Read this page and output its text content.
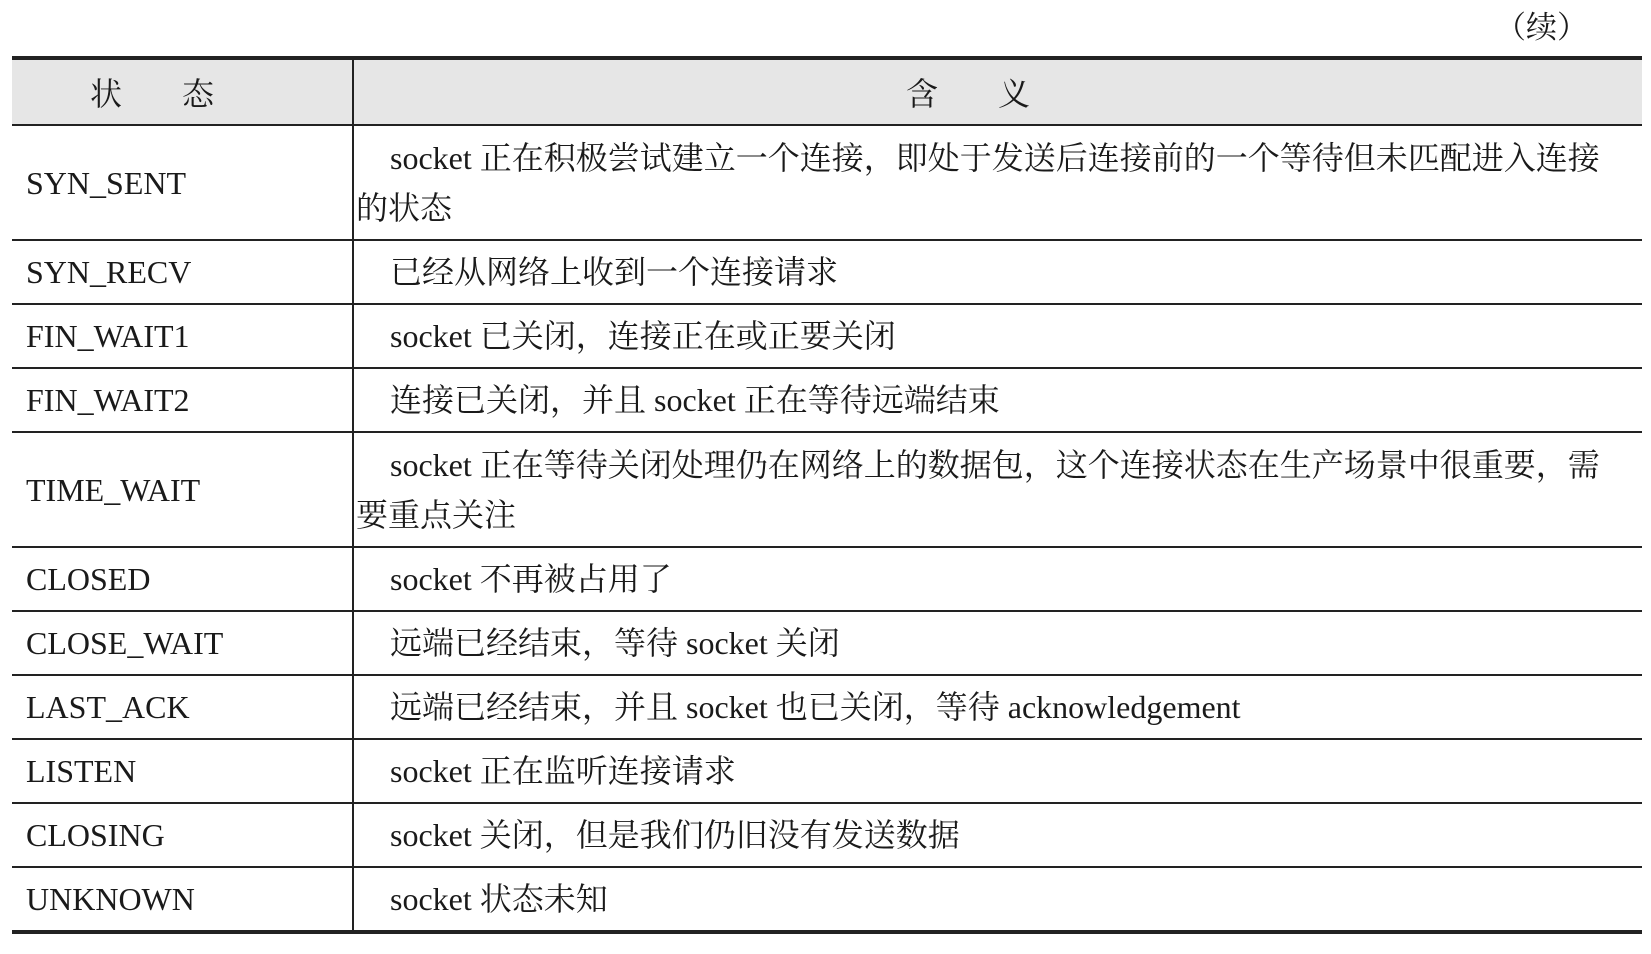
（续）
状态	含义
SYN_SENT	socket 正在积极尝试建立一个连接，即处于发送后连接前的一个等待但未匹配进入连接的状态
SYN_RECV	已经从网络上收到一个连接请求
FIN_WAIT1	socket 已关闭，连接正在或正要关闭
FIN_WAIT2	连接已关闭，并且 socket 正在等待远端结束
TIME_WAIT	socket 正在等待关闭处理仍在网络上的数据包，这个连接状态在生产场景中很重要，需要重点关注
CLOSED	socket 不再被占用了
CLOSE_WAIT	远端已经结束，等待 socket 关闭
LAST_ACK	远端已经结束，并且 socket 也已关闭，等待 acknowledgement
LISTEN	socket 正在监听连接请求
CLOSING	socket 关闭，但是我们仍旧没有发送数据
UNKNOWN	socket 状态未知
